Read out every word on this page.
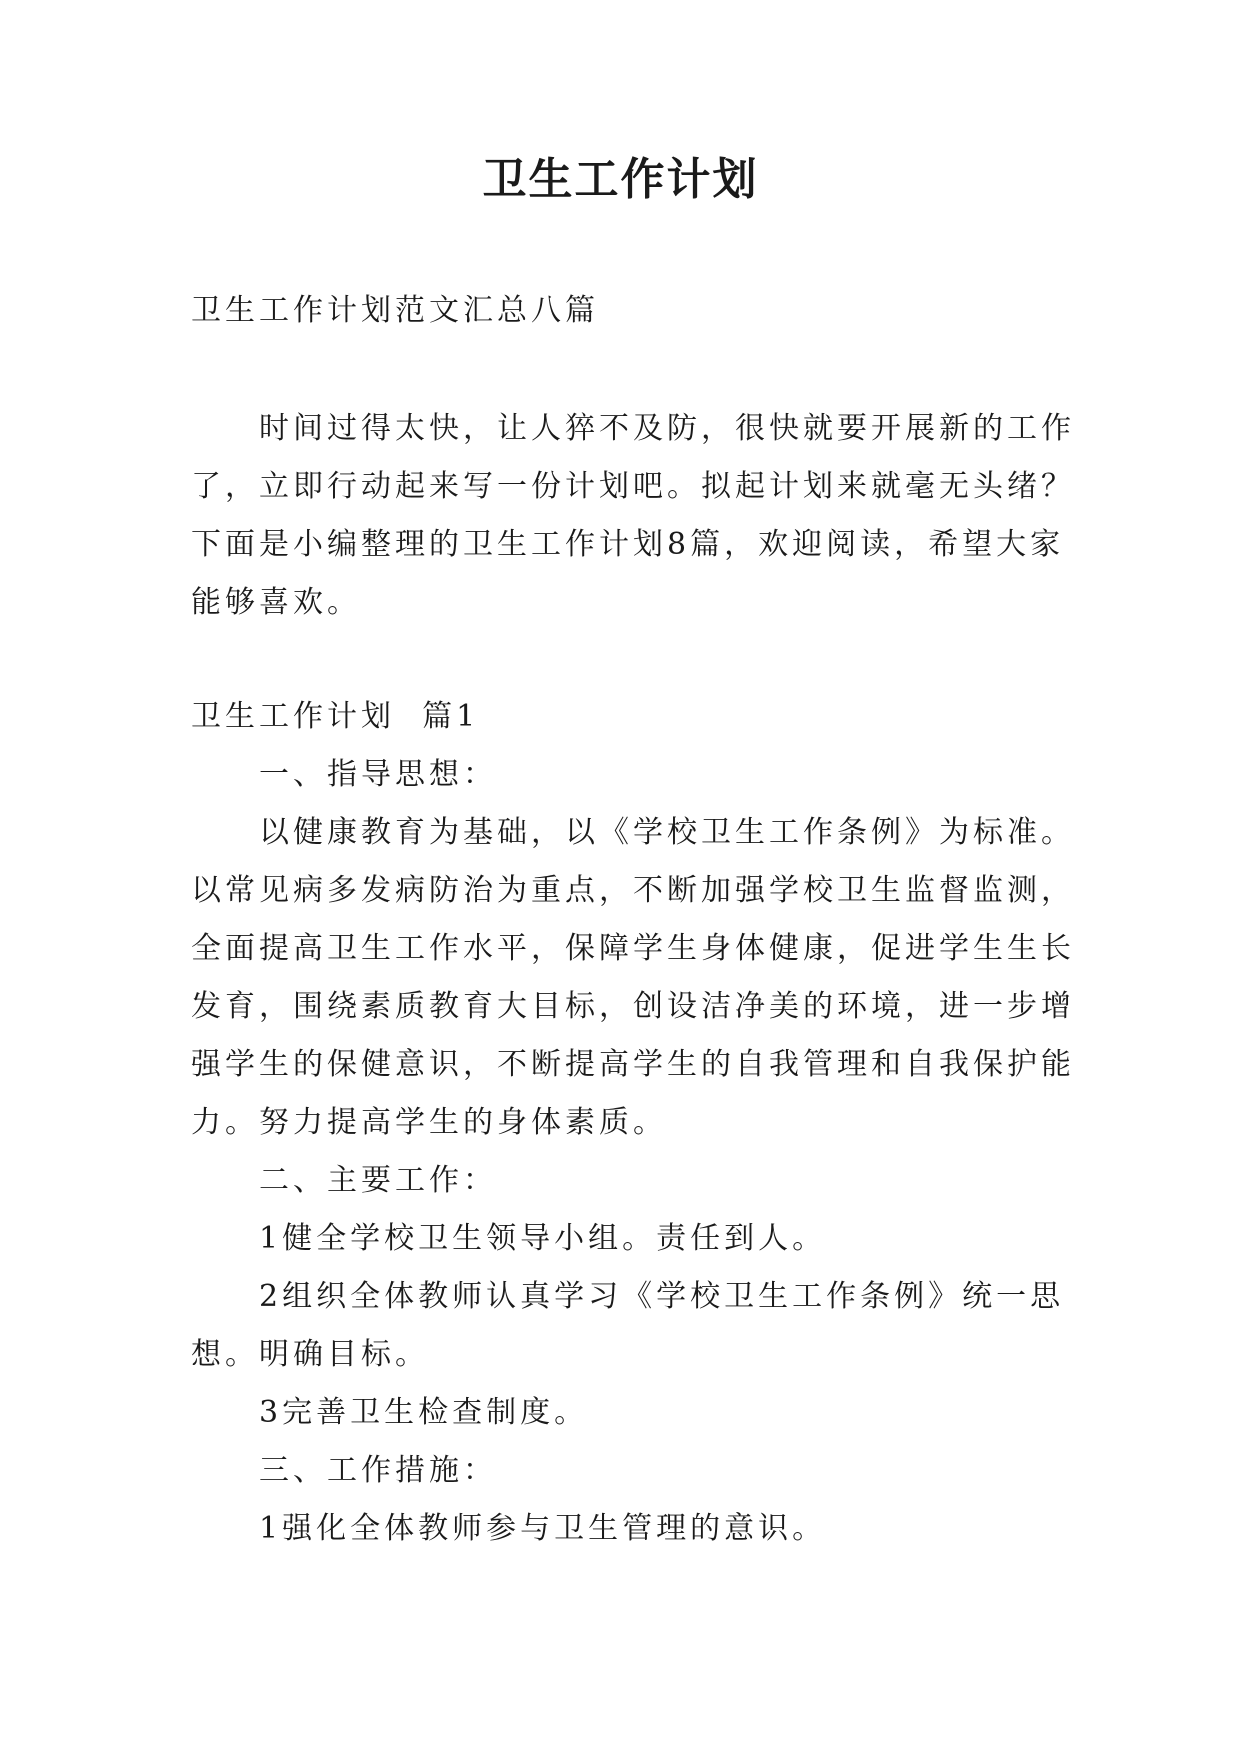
卫生工作计划

卫生工作计划范文汇总八篇

时间过得太快，让人猝不及防，很快就要开展新的工作

了，立即行动起来写一份计划吧。拟起计划来就毫无头绪？

下面是小编整理的卫生工作计划8篇，欢迎阅读，希望大家

能够喜欢。

卫生工作计划  篇1

一、指导思想：

以健康教育为基础，以《学校卫生工作条例》为标准。

以常见病多发病防治为重点，不断加强学校卫生监督监测，

全面提高卫生工作水平，保障学生身体健康，促进学生生长

发育，围绕素质教育大目标，创设洁净美的环境，进一步增

强学生的保健意识，不断提高学生的自我管理和自我保护能

力。努力提高学生的身体素质。

二、主要工作：

1健全学校卫生领导小组。责任到人。

2组织全体教师认真学习《学校卫生工作条例》统一思

想。明确目标。

3完善卫生检查制度。

三、工作措施：

1强化全体教师参与卫生管理的意识。
